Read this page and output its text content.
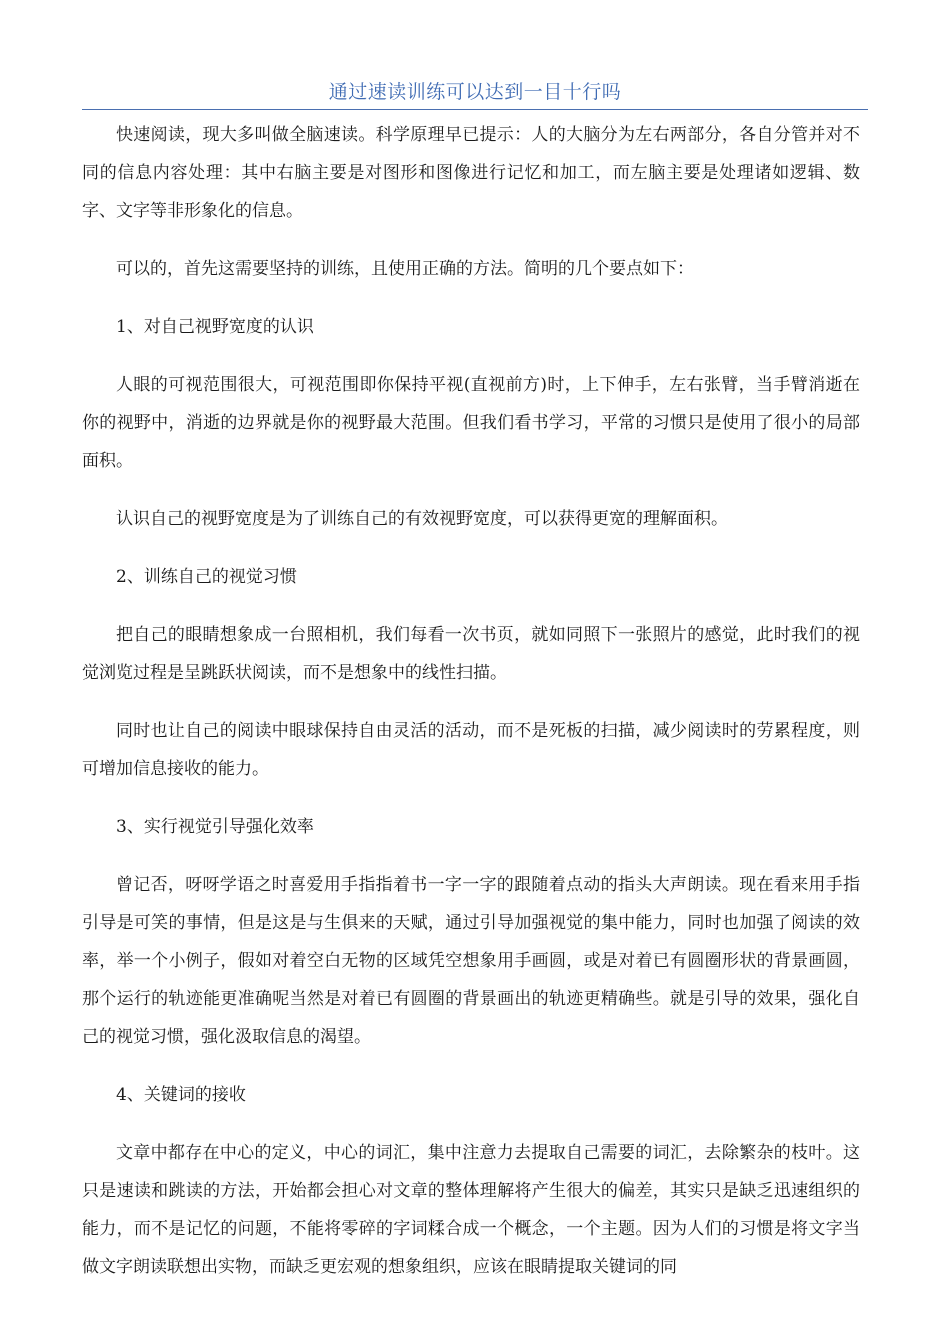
通过速读训练可以达到一目十行吗

快速阅读，现大多叫做全脑速读。科学原理早已提示：人的大脑分为左右两部分，各自分管并对不同的信息内容处理：其中右脑主要是对图形和图像进行记忆和加工，而左脑主要是处理诸如逻辑、数字、文字等非形象化的信息。

可以的，首先这需要坚持的训练，且使用正确的方法。简明的几个要点如下：

1、对自己视野宽度的认识

人眼的可视范围很大，可视范围即你保持平视(直视前方)时，上下伸手，左右张臂，当手臂消逝在你的视野中，消逝的边界就是你的视野最大范围。但我们看书学习，平常的习惯只是使用了很小的局部面积。

认识自己的视野宽度是为了训练自己的有效视野宽度，可以获得更宽的理解面积。

2、训练自己的视觉习惯

把自己的眼睛想象成一台照相机，我们每看一次书页，就如同照下一张照片的感觉，此时我们的视觉浏览过程是呈跳跃状阅读，而不是想象中的线性扫描。

同时也让自己的阅读中眼球保持自由灵活的活动，而不是死板的扫描，减少阅读时的劳累程度，则可增加信息接收的能力。

3、实行视觉引导强化效率

曾记否，呀呀学语之时喜爱用手指指着书一字一字的跟随着点动的指头大声朗读。现在看来用手指引导是可笑的事情，但是这是与生俱来的天赋，通过引导加强视觉的集中能力，同时也加强了阅读的效率，举一个小例子，假如对着空白无物的区域凭空想象用手画圆，或是对着已有圆圈形状的背景画圆，那个运行的轨迹能更准确呢当然是对着已有圆圈的背景画出的轨迹更精确些。就是引导的效果，强化自己的视觉习惯，强化汲取信息的渴望。

4、关键词的接收

文章中都存在中心的定义，中心的词汇，集中注意力去提取自己需要的词汇，去除繁杂的枝叶。这只是速读和跳读的方法，开始都会担心对文章的整体理解将产生很大的偏差，其实只是缺乏迅速组织的能力，而不是记忆的问题，不能将零碎的字词糅合成一个概念，一个主题。因为人们的习惯是将文字当做文字朗读联想出实物，而缺乏更宏观的想象组织，应该在眼睛提取关键词的同
